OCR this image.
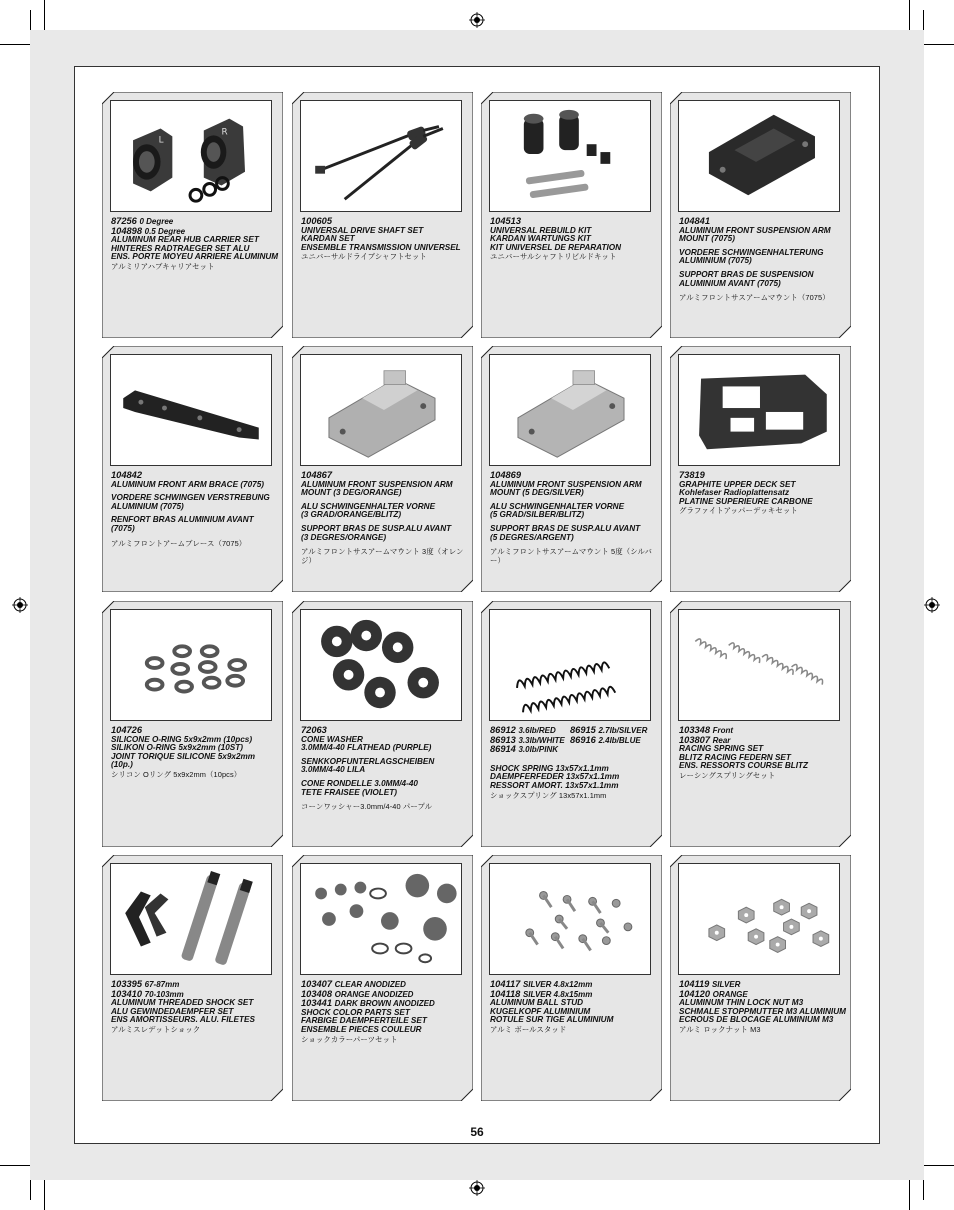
L
R
87256 0 Degree
104898 0.5 Degree
ALUMINUM REAR HUB CARRIER SET
HINTERES RADTRAEGER SET ALU
ENS. PORTE MOYEU ARRIERE ALUMINUM
アルミリアハブキャリアセット
100605
UNIVERSAL DRIVE SHAFT SET
KARDAN SET
ENSEMBLE TRANSMISSION UNIVERSEL
ユニバーサルドライブシャフトセット
104513
UNIVERSAL REBUILD KIT
KARDAN WARTUNGS KIT
KIT UNIVERSEL DE REPARATION
ユニバーサルシャフトリビルドキット
104841
ALUMINUM FRONT SUSPENSION ARM
MOUNT (7075)
VORDERE SCHWINGENHALTERUNG
ALUMINIUM (7075)
SUPPORT BRAS DE SUSPENSION
ALUMINIUM AVANT (7075)
アルミフロントサスアームマウント（7075）
104842
ALUMINUM FRONT ARM BRACE (7075)
VORDERE SCHWINGEN VERSTREBUNG
ALUMINIUM (7075)
RENFORT BRAS ALUMINIUM AVANT (7075)
アルミフロントアームブレース（7075）
104867
ALUMINUM FRONT SUSPENSION ARM
MOUNT (3 DEG/ORANGE)
ALU SCHWINGENHALTER VORNE
(3 GRAD/ORANGE/BLITZ)
SUPPORT BRAS DE SUSP.ALU AVANT
(3 DEGRES/ORANGE)
アルミフロントサスアームマウント 3度（オレンジ）
104869
ALUMINUM FRONT SUSPENSION ARM
MOUNT (5 DEG/SILVER)
ALU SCHWINGENHALTER VORNE
(5 GRAD/SILBER/BLITZ)
SUPPORT BRAS DE SUSP.ALU AVANT
(5 DEGRES/ARGENT)
アルミフロントサスアームマウント 5度（シルバー）
73819
GRAPHITE UPPER DECK SET
Kohlefaser Radioplattensatz
PLATINE SUPERIEURE CARBONE
グラファイトアッパーデッキセット
104726
SILICONE O-RING 5x9x2mm (10pcs)
SILIKON O-RING 5x9x2mm (10ST)
JOINT TORIQUE SILICONE 5x9x2mm (10p.)
シリコン Oリング 5x9x2mm（10pcs）
72063
CONE WASHER
3.0MM/4-40 FLATHEAD (PURPLE)
SENKKOPFUNTERLAGSCHEIBEN
3.0MM/4-40 LILA
CONE RONDELLE 3.0MM/4-40
TETE FRAISEE (VIOLET)
コーンワッシャー3.0mm/4-40 パープル
86912 3.6lb/RED	86915 2.7lb/SILVER
86913 3.3lb/WHITE 86916 2.4lb/BLUE
86914 3.0lb/PINK
SHOCK SPRING 13x57x1.1mm
DAEMPFERFEDER 13x57x1.1mm
RESSORT AMORT. 13x57x1.1mm
ショックスプリング 13x57x1.1mm
103348 Front
103807 Rear
RACING SPRING SET
BLITZ RACING FEDERN SET
ENS. RESSORTS COURSE BLITZ
レーシングスプリングセット
103395 67-87mm
103410 70-103mm
ALUMINUM THREADED SHOCK SET
ALU GEWINDEDAEMPFER SET
ENS AMORTISSEURS. ALU. FILETES
アルミスレデットショック
103407 CLEAR ANODIZED
103408 ORANGE ANODIZED
103441 DARK BROWN ANODIZED
SHOCK COLOR PARTS SET
FARBIGE DAEMPFERTEILE SET
ENSEMBLE PIECES COULEUR
ショックカラーパーツセット
104117 SILVER 4.8x12mm
104118 SILVER 4.8x15mm
ALUMINUM BALL STUD
KUGELKOPF ALUMINIUM
ROTULE SUR TIGE ALUMINIUM
アルミ ボールスタッド
104119 SILVER
104120 ORANGE
ALUMINUM THIN LOCK NUT M3
SCHMALE STOPPMUTTER M3 ALUMINIUM
ECROUS DE BLOCAGE ALUMINIUM M3
アルミ ロックナット M3
56
